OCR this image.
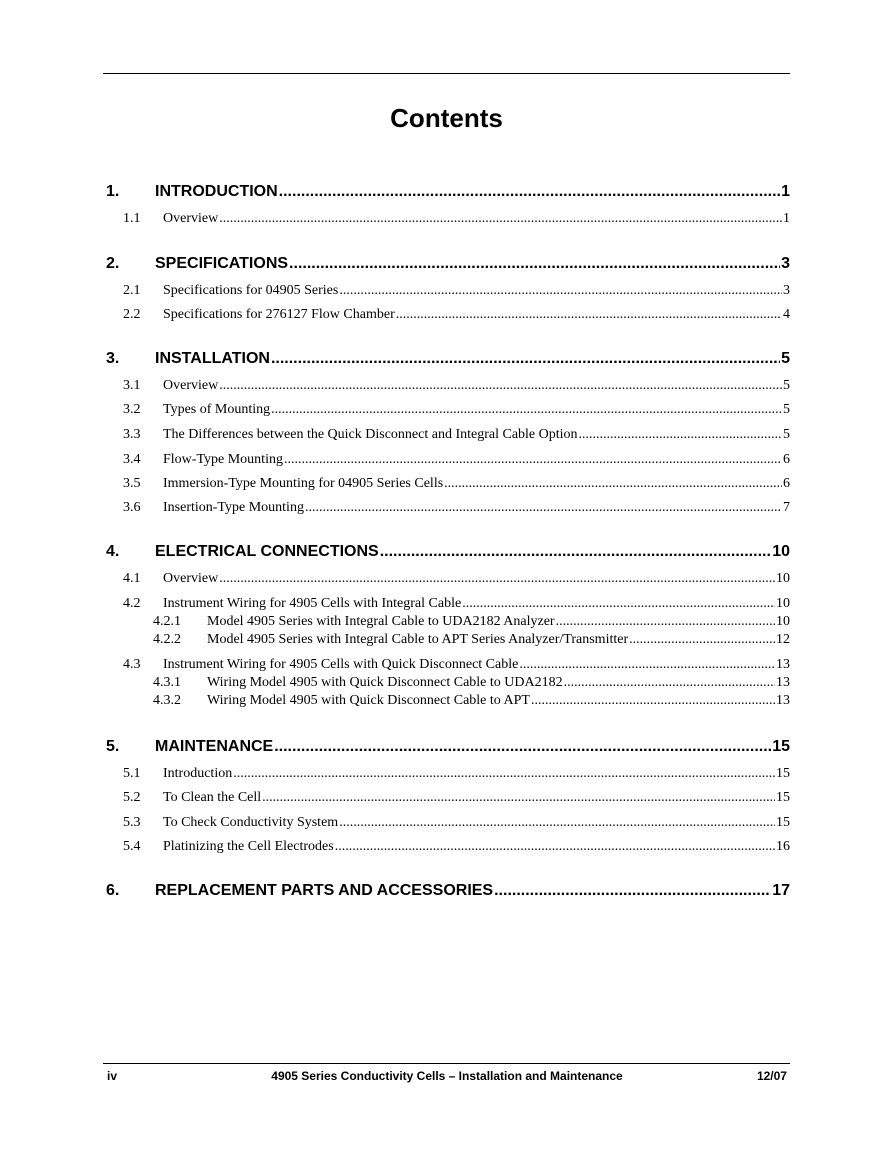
Contents
1.	INTRODUCTION .....	1
1.1	Overview .....	1
2.	SPECIFICATIONS .....	3
2.1	Specifications for 04905 Series .....	3
2.2	Specifications for 276127 Flow Chamber .....	4
3.	INSTALLATION .....	5
3.1	Overview .....	5
3.2	Types of Mounting .....	5
3.3	The Differences between the Quick Disconnect and Integral Cable Option .....	5
3.4	Flow-Type Mounting .....	6
3.5	Immersion-Type Mounting for 04905 Series Cells .....	6
3.6	Insertion-Type Mounting .....	7
4.	ELECTRICAL CONNECTIONS .....	10
4.1	Overview .....	10
4.2	Instrument Wiring for 4905 Cells with Integral Cable .....	10
4.2.1	Model 4905 Series with Integral Cable to UDA2182 Analyzer .....	10
4.2.2	Model 4905 Series with Integral Cable to APT Series Analyzer/Transmitter .....	12
4.3	Instrument Wiring for 4905 Cells with Quick Disconnect Cable .....	13
4.3.1	Wiring Model 4905 with Quick Disconnect Cable to UDA2182 .....	13
4.3.2	Wiring Model 4905 with Quick Disconnect Cable to APT .....	13
5.	MAINTENANCE .....	15
5.1	Introduction .....	15
5.2	To Clean the Cell .....	15
5.3	To Check Conductivity System .....	15
5.4	Platinizing the Cell Electrodes .....	16
6.	REPLACEMENT PARTS AND ACCESSORIES .....	17
iv	4905 Series Conductivity Cells – Installation and Maintenance	12/07
